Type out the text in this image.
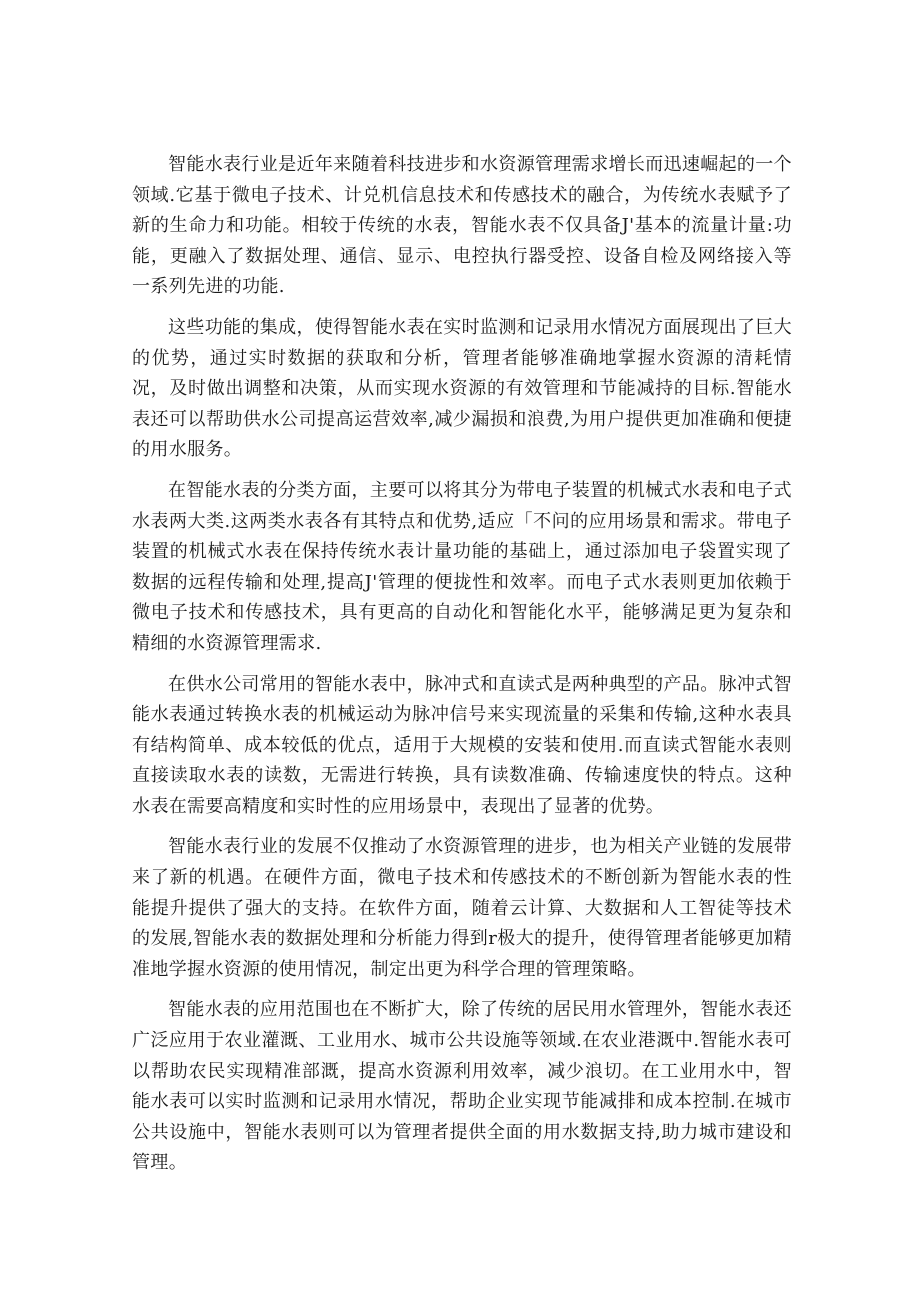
智能水表行业是近年来随着科技进步和水资源管理需求增长而迅速崛起的一个领域.它基于微电子技术、计兑机信息技术和传感技术的融合，为传统水表赋予了新的生命力和功能。相较于传统的水表，智能水表不仅具备J'基本的流量计量:功能，更融入了数据处理、通信、显示、电控执行器受控、设备自检及网络接入等一系列先进的功能.

这些功能的集成，使得智能水表在实时监测和记录用水情况方面展现出了巨大的优势，通过实时数据的获取和分析，管理者能够准确地掌握水资源的清耗情况，及时做出调整和决策，从而实现水资源的有效管理和节能减持的目标.智能水表还可以帮助供水公司提高运营效率,减少漏损和浪费,为用户提供更加准确和便捷的用水服务。

在智能水表的分类方面，主要可以将其分为带电子装置的机械式水表和电子式水表两大类.这两类水表各有其特点和优势,适应「不问的应用场景和需求。带电子装置的机械式水表在保持传统水表计量功能的基础上，通过添加电子袋置实现了数据的远程传输和处理,提高J'管理的便拢性和效率。而电子式水表则更加依赖于微电子技术和传感技术，具有更高的自动化和智能化水平，能够满足更为复杂和精细的水资源管理需求.

在供水公司常用的智能水表中，脉冲式和直读式是两种典型的产品。脉冲式智能水表通过转换水表的机械运动为脉冲信号来实现流量的采集和传输,这种水表具有结构简单、成本较低的优点，适用于大规模的安装和使用.而直读式智能水表则直接读取水表的读数，无需进行转换，具有读数准确、传输速度快的特点。这种水表在需要高精度和实时性的应用场景中，表现出了显著的优势。

智能水表行业的发展不仅推动了水资源管理的进步，也为相关产业链的发展带来了新的机遇。在硬件方面，微电子技术和传感技术的不断创新为智能水表的性能提升提供了强大的支持。在软件方面，随着云计算、大数据和人工智徒等技术的发展,智能水表的数据处理和分析能力得到r极大的提升，使得管理者能够更加精准地学握水资源的使用情况，制定出更为科学合理的管理策略。

智能水表的应用范围也在不断扩大，除了传统的居民用水管理外，智能水表还广泛应用于农业灌溉、工业用水、城市公共设施等领域.在农业港溉中.智能水表可以帮助农民实现精准部溉，提高水资源利用效率，减少浪切。在工业用水中，智能水表可以实时监测和记录用水情况，帮助企业实现节能减排和成本控制.在城市公共设施中，智能水表则可以为管理者提供全面的用水数据支持,助力城市建设和管理。
